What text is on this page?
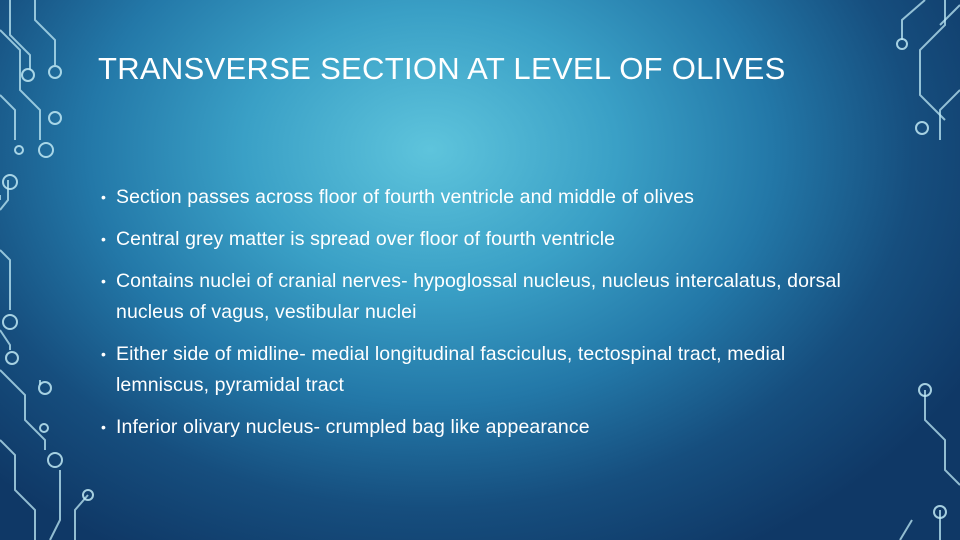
TRANSVERSE SECTION AT LEVEL OF OLIVES
• Section passes across floor of fourth ventricle and middle of olives
• Central grey matter is spread over floor of fourth ventricle
• Contains nuclei of cranial nerves- hypoglossal nucleus, nucleus intercalatus, dorsal nucleus of vagus, vestibular nuclei
• Either side of midline- medial longitudinal fasciculus, tectospinal tract, medial lemniscus, pyramidal tract
• Inferior olivary nucleus- crumpled bag like appearance
